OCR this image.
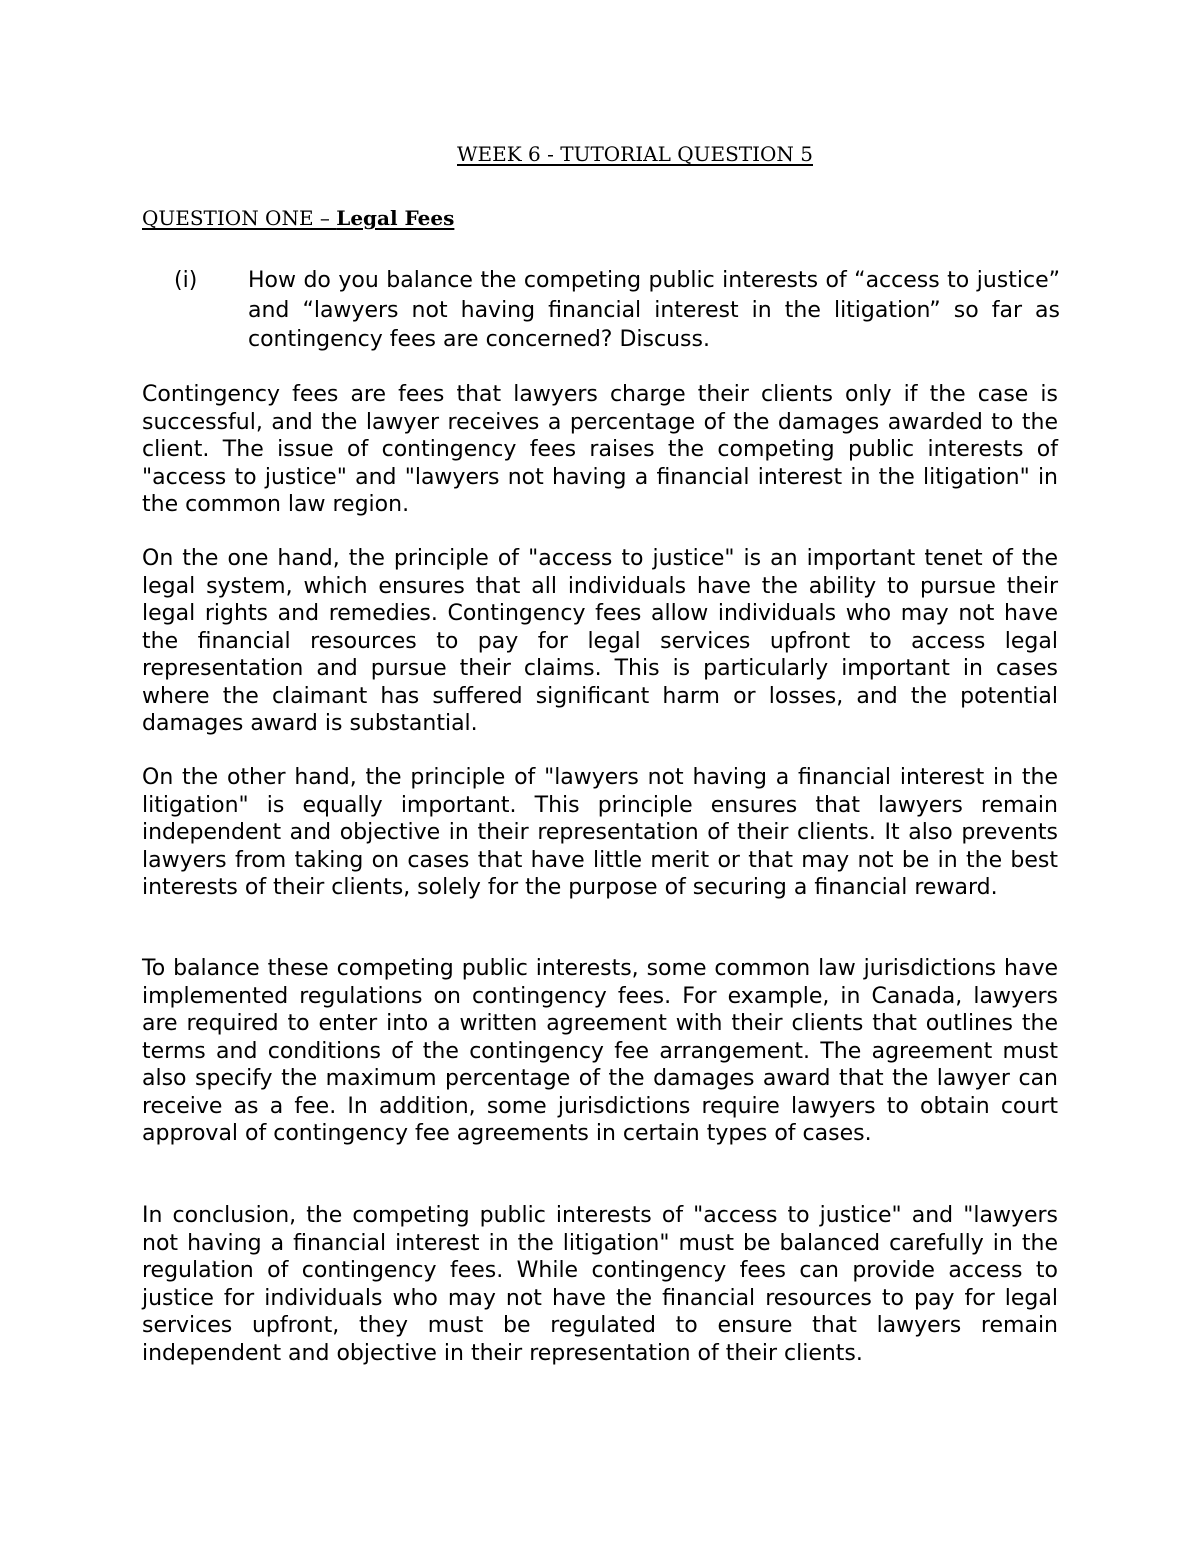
WEEK 6 - TUTORIAL QUESTION 5
QUESTION ONE – Legal Fees
(i) How do you balance the competing public interests of “access to justice” and “lawyers not having financial interest in the litigation” so far as contingency fees are concerned? Discuss.

Contingency fees are fees that lawyers charge their clients only if the case is successful, and the lawyer receives a percentage of the damages awarded to the client. The issue of contingency fees raises the competing public interests of "access to justice" and "lawyers not having a financial interest in the litigation" in the common law region.

On the one hand, the principle of "access to justice" is an important tenet of the legal system, which ensures that all individuals have the ability to pursue their legal rights and remedies. Contingency fees allow individuals who may not have the financial resources to pay for legal services upfront to access legal representation and pursue their claims. This is particularly important in cases where the claimant has suffered significant harm or losses, and the potential damages award is substantial.

On the other hand, the principle of "lawyers not having a financial interest in the litigation" is equally important. This principle ensures that lawyers remain independent and objective in their representation of their clients. It also prevents lawyers from taking on cases that have little merit or that may not be in the best interests of their clients, solely for the purpose of securing a financial reward.

To balance these competing public interests, some common law jurisdictions have implemented regulations on contingency fees. For example, in Canada, lawyers are required to enter into a written agreement with their clients that outlines the terms and conditions of the contingency fee arrangement. The agreement must also specify the maximum percentage of the damages award that the lawyer can receive as a fee. In addition, some jurisdictions require lawyers to obtain court approval of contingency fee agreements in certain types of cases.

In conclusion, the competing public interests of "access to justice" and "lawyers not having a financial interest in the litigation" must be balanced carefully in the regulation of contingency fees. While contingency fees can provide access to justice for individuals who may not have the financial resources to pay for legal services upfront, they must be regulated to ensure that lawyers remain independent and objective in their representation of their clients.
